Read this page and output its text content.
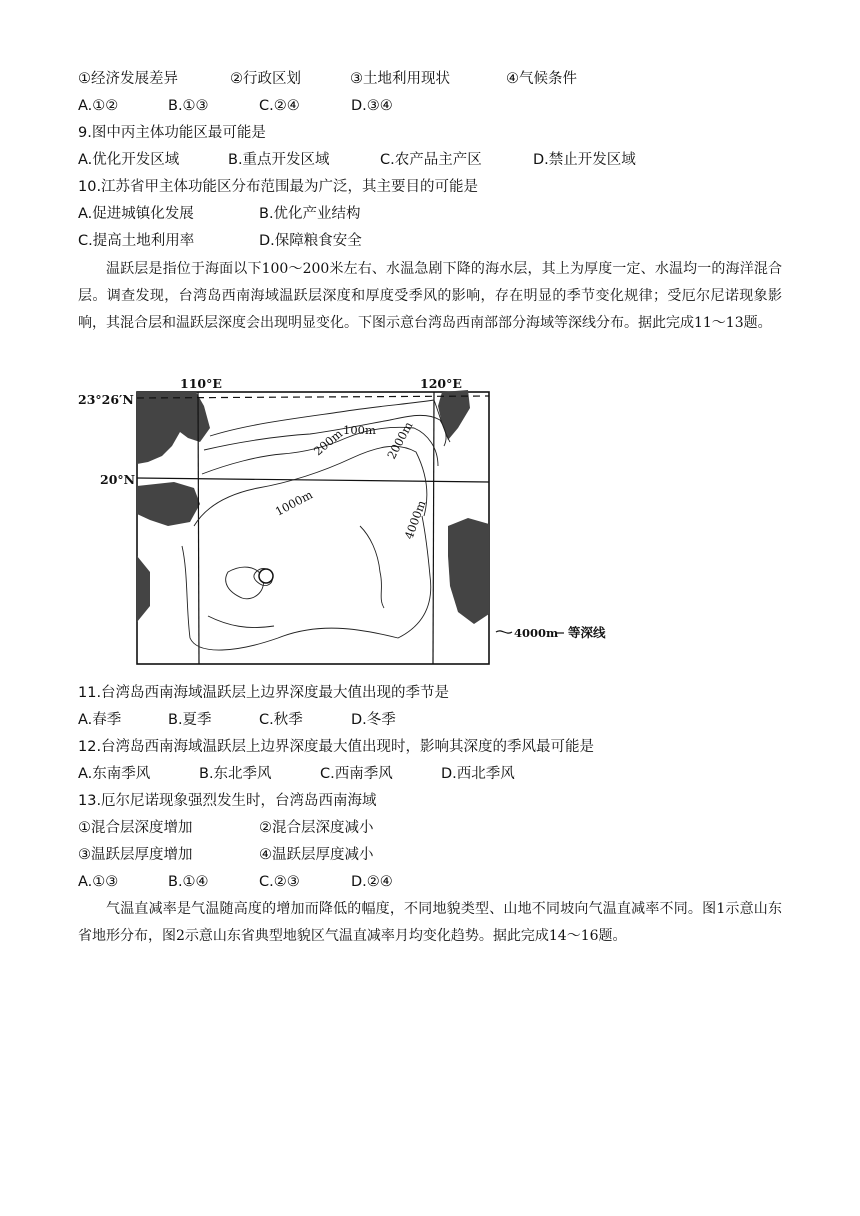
①经济发展差异	②行政区划	③土地利用现状	④气候条件
A.①②	B.①③	C.②④	D.③④
9.图中丙主体功能区最可能是
A.优化开发区域	B.重点开发区域	C.农产品主产区	D.禁止开发区域
10.江苏省甲主体功能区分布范围最为广泛，其主要目的可能是
A.促进城镇化发展	B.优化产业结构
C.提高土地利用率	D.保障粮食安全

温跃层是指位于海面以下100～200米左右、水温急剧下降的海水层，其上为厚度一定、水温均一的海洋混合层。调查发现，台湾岛西南海域温跃层深度和厚度受季风的影响，存在明显的季节变化规律；受厄尔尼诺现象影响，其混合层和温跃层深度会出现明显变化。下图示意台湾岛西南部部分海域等深线分布。据此完成11～13题。

23°26′N
20°N
110°E	120°E
100m
200m
1000m
2000m
4000m
4000m 等深线
11.台湾岛西南海域温跃层上边界深度最大值出现的季节是
A.春季	B.夏季	C.秋季	D.冬季
12.台湾岛西南海域温跃层上边界深度最大值出现时，影响其深度的季风最可能是
A.东南季风	B.东北季风	C.西南季风	D.西北季风
13.厄尔尼诺现象强烈发生时，台湾岛西南海域
①混合层深度增加	②混合层深度减小
③温跃层厚度增加	④温跃层厚度减小
A.①③	B.①④	C.②③	D.②④

气温直减率是气温随高度的增加而降低的幅度，不同地貌类型、山地不同坡向气温直减率不同。图1示意山东省地形分布，图2示意山东省典型地貌区气温直减率月均变化趋势。据此完成14～16题。
